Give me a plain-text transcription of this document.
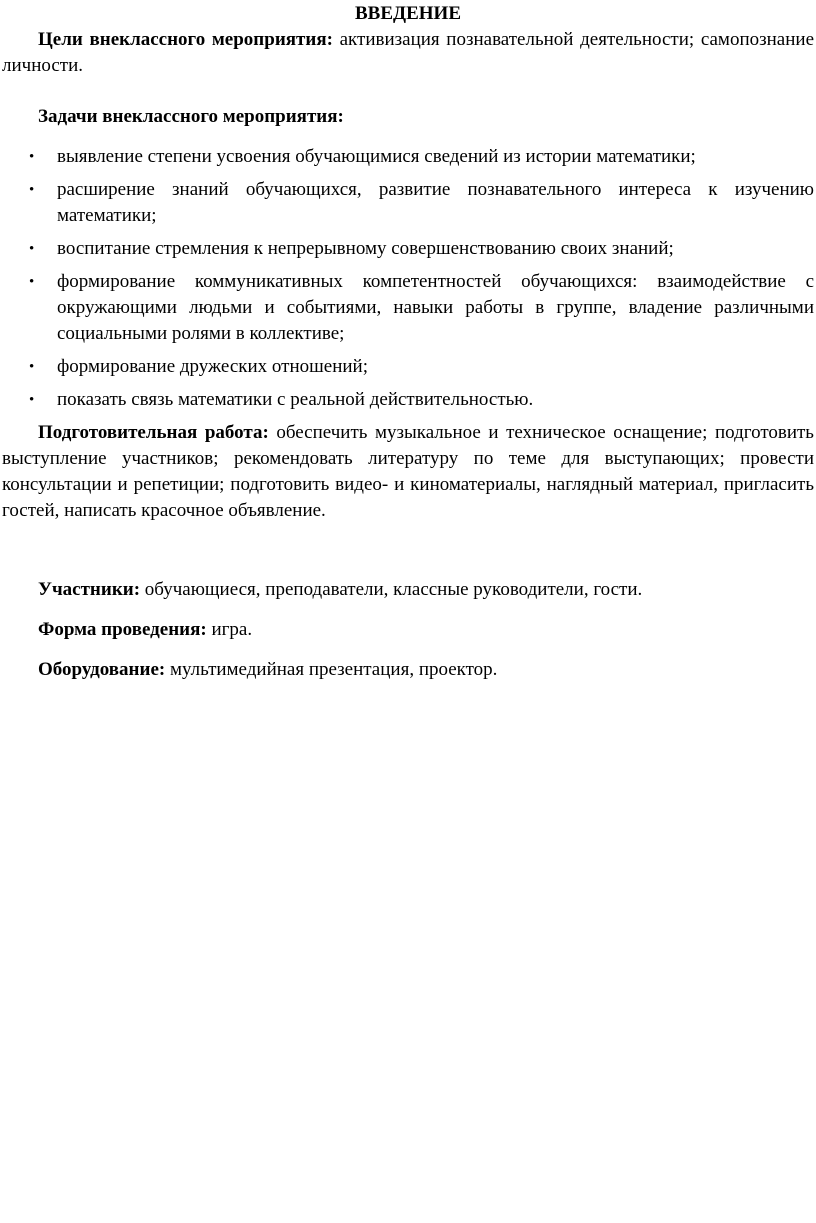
ВВЕДЕНИЕ

Цели внеклассного мероприятия: активизация познавательной деятельности; самопознание личности.

Задачи внеклассного мероприятия:
• выявление степени усвоения обучающимися сведений из истории математики;
• расширение знаний обучающихся, развитие познавательного интереса к изучению математики;
• воспитание стремления к непрерывному совершенствованию своих знаний;
• формирование коммуникативных компетентностей обучающихся: взаимодействие с окружающими людьми и событиями, навыки работы в группе, владение различными социальными ролями в коллективе;
• формирование дружеских отношений;
• показать связь математики с реальной действительностью.

Подготовительная работа: обеспечить музыкальное и техническое оснащение; подготовить выступление участников; рекомендовать литературу по теме для выступающих; провести консультации и репетиции; подготовить видео- и киноматериалы, наглядный материал, пригласить гостей, написать красочное объявление.

Участники: обучающиеся, преподаватели, классные руководители, гости.

Форма проведения: игра.

Оборудование: мультимедийная презентация, проектор.
